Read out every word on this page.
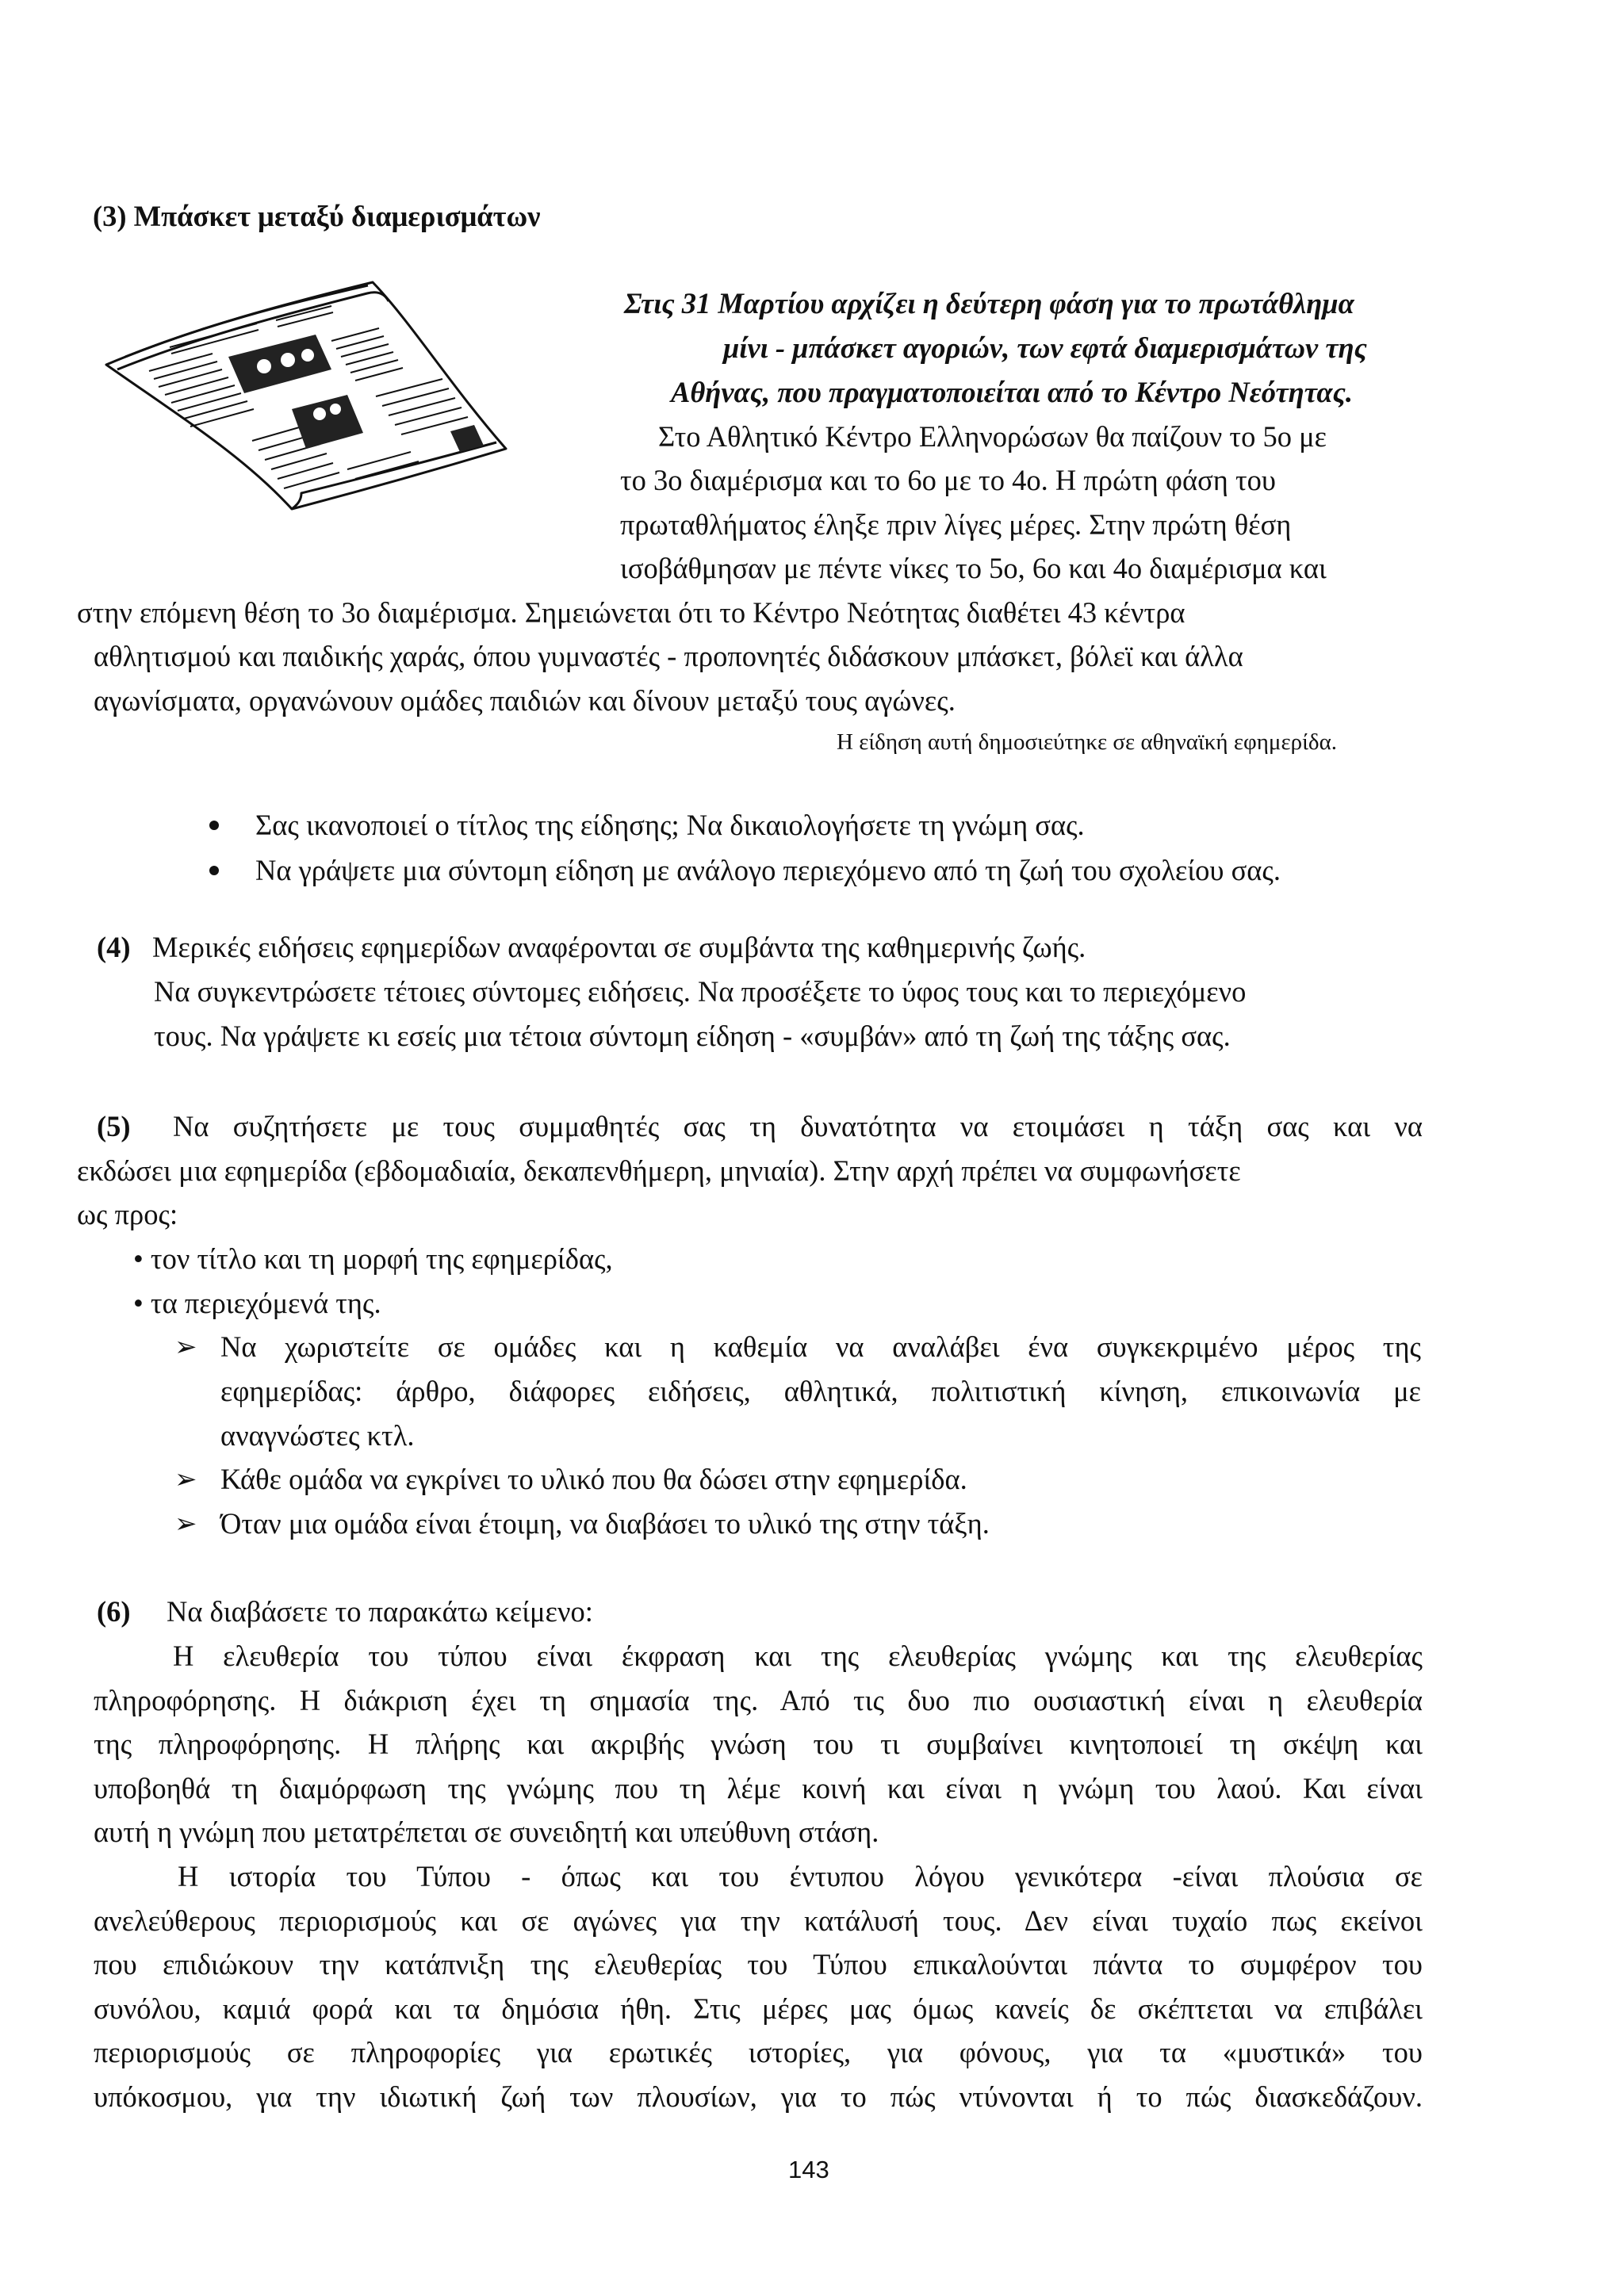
(3) Μπάσκετ μεταξύ διαμερισμάτων
Στις 31 Μαρτίου αρχίζει η δεύτερη φάση για το πρωτάθλημα
μίνι - μπάσκετ αγοριών, των εφτά διαμερισμάτων της
Αθήνας, που πραγματοποιείται από το Κέντρο Νεότητας.
Στο Αθλητικό Κέντρο Ελληνορώσων θα παίζουν το 5ο με
το 3ο διαμέρισμα και το 6ο με το 4ο. Η πρώτη φάση του
πρωταθλήματος έληξε πριν λίγες μέρες. Στην πρώτη θέση
ισοβάθμησαν με πέντε νίκες το 5ο, 6ο και 4ο διαμέρισμα και
στην επόμενη θέση το 3ο διαμέρισμα. Σημειώνεται ότι το Κέντρο Νεότητας διαθέτει 43 κέντρα
αθλητισμού και παιδικής χαράς, όπου γυμναστές - προπονητές διδάσκουν μπάσκετ, βόλεϊ και άλλα
αγωνίσματα, οργανώνουν ομάδες παιδιών και δίνουν μεταξύ τους αγώνες.
Η είδηση αυτή δημοσιεύτηκε σε αθηναϊκή εφημερίδα.
Σας ικανοποιεί ο τίτλος της είδησης; Να δικαιολογήσετε τη γνώμη σας.
Να γράψετε μια σύντομη είδηση με ανάλογο περιεχόμενο από τη ζωή του σχολείου σας.
(4) Μερικές ειδήσεις εφημερίδων αναφέρονται σε συμβάντα της καθημερινής ζωής.
Να συγκεντρώσετε τέτοιες σύντομες ειδήσεις. Να προσέξετε το ύφος τους και το περιεχόμενο
τους. Να γράψετε κι εσείς μια τέτοια σύντομη είδηση - «συμβάν» από τη ζωή της τάξης σας.
(5) Να συζητήσετε με τους συμμαθητές σας τη δυνατότητα να ετοιμάσει η τάξη σας και να
εκδώσει μια εφημερίδα (εβδομαδιαία, δεκαπενθήμερη, μηνιαία). Στην αρχή πρέπει να συμφωνήσετε
ως προς:
• τον τίτλο και τη μορφή της εφημερίδας,
• τα περιεχόμενά της.
➢ Να χωριστείτε σε ομάδες και η καθεμία να αναλάβει ένα συγκεκριμένο μέρος της
εφημερίδας: άρθρο, διάφορες ειδήσεις, αθλητικά, πολιτιστική κίνηση, επικοινωνία με
αναγνώστες κτλ.
➢ Κάθε ομάδα να εγκρίνει το υλικό που θα δώσει στην εφημερίδα.
➢ Όταν μια ομάδα είναι έτοιμη, να διαβάσει το υλικό της στην τάξη.
(6) Να διαβάσετε το παρακάτω κείμενο:
Η ελευθερία του τύπου είναι έκφραση και της ελευθερίας γνώμης και της ελευθερίας
πληροφόρησης. Η διάκριση έχει τη σημασία της. Από τις δυο πιο ουσιαστική είναι η ελευθερία
της πληροφόρησης. Η πλήρης και ακριβής γνώση του τι συμβαίνει κινητοποιεί τη σκέψη και
υποβοηθά τη διαμόρφωση της γνώμης που τη λέμε κοινή και είναι η γνώμη του λαού. Και είναι
αυτή η γνώμη που μετατρέπεται σε συνειδητή και υπεύθυνη στάση.
Η ιστορία του Τύπου - όπως και του έντυπου λόγου γενικότερα -είναι πλούσια σε
ανελεύθερους περιορισμούς και σε αγώνες για την κατάλυσή τους. Δεν είναι τυχαίο πως εκείνοι
που επιδιώκουν την κατάπνιξη της ελευθερίας του Τύπου επικαλούνται πάντα το συμφέρον του
συνόλου, καμιά φορά και τα δημόσια ήθη. Στις μέρες μας όμως κανείς δε σκέπτεται να επιβάλει
περιορισμούς σε πληροφορίες για ερωτικές ιστορίες, για φόνους, για τα «μυστικά» του
υπόκοσμου, για την ιδιωτική ζωή των πλουσίων, για το πώς ντύνονται ή το πώς διασκεδάζουν.
143
